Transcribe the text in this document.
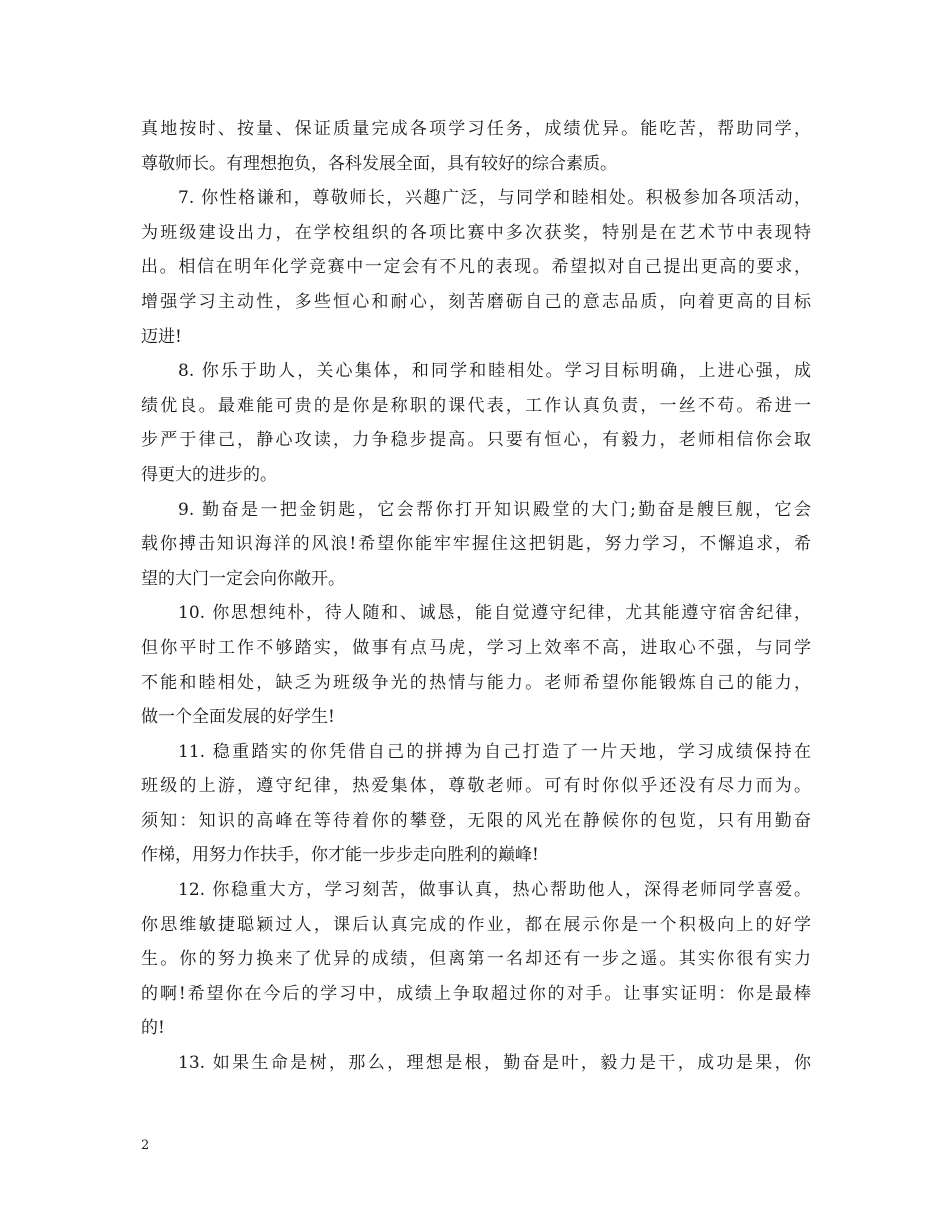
真地按时、按量、保证质量完成各项学习任务，成绩优异。能吃苦，帮助同学，
尊敬师长。有理想抱负，各科发展全面，具有较好的综合素质。
7. 你性格谦和，尊敬师长，兴趣广泛，与同学和睦相处。积极参加各项活动，
为班级建设出力，在学校组织的各项比赛中多次获奖，特别是在艺术节中表现特
出。相信在明年化学竞赛中一定会有不凡的表现。希望拟对自己提出更高的要求，
增强学习主动性，多些恒心和耐心，刻苦磨砺自己的意志品质，向着更高的目标
迈进!
8. 你乐于助人，关心集体，和同学和睦相处。学习目标明确，上进心强，成
绩优良。最难能可贵的是你是称职的课代表，工作认真负责，一丝不苟。希进一
步严于律己，静心攻读，力争稳步提高。只要有恒心，有毅力，老师相信你会取
得更大的进步的。
9. 勤奋是一把金钥匙，它会帮你打开知识殿堂的大门;勤奋是艘巨舰，它会
载你搏击知识海洋的风浪!希望你能牢牢握住这把钥匙，努力学习，不懈追求，希
望的大门一定会向你敞开。
10. 你思想纯朴，待人随和、诚恳，能自觉遵守纪律，尤其能遵守宿舍纪律，
但你平时工作不够踏实，做事有点马虎，学习上效率不高，进取心不强，与同学
不能和睦相处，缺乏为班级争光的热情与能力。老师希望你能锻炼自己的能力，
做一个全面发展的好学生!
11. 稳重踏实的你凭借自己的拼搏为自己打造了一片天地，学习成绩保持在
班级的上游，遵守纪律，热爱集体，尊敬老师。可有时你似乎还没有尽力而为。
须知：知识的高峰在等待着你的攀登，无限的风光在静候你的包览，只有用勤奋
作梯，用努力作扶手，你才能一步步走向胜利的巅峰!
12. 你稳重大方，学习刻苦，做事认真，热心帮助他人，深得老师同学喜爱。
你思维敏捷聪颖过人，课后认真完成的作业，都在展示你是一个积极向上的好学
生。你的努力换来了优异的成绩，但离第一名却还有一步之遥。其实你很有实力
的啊!希望你在今后的学习中，成绩上争取超过你的对手。让事实证明：你是最棒
的!
13. 如果生命是树，那么，理想是根，勤奋是叶，毅力是干，成功是果，你
2
